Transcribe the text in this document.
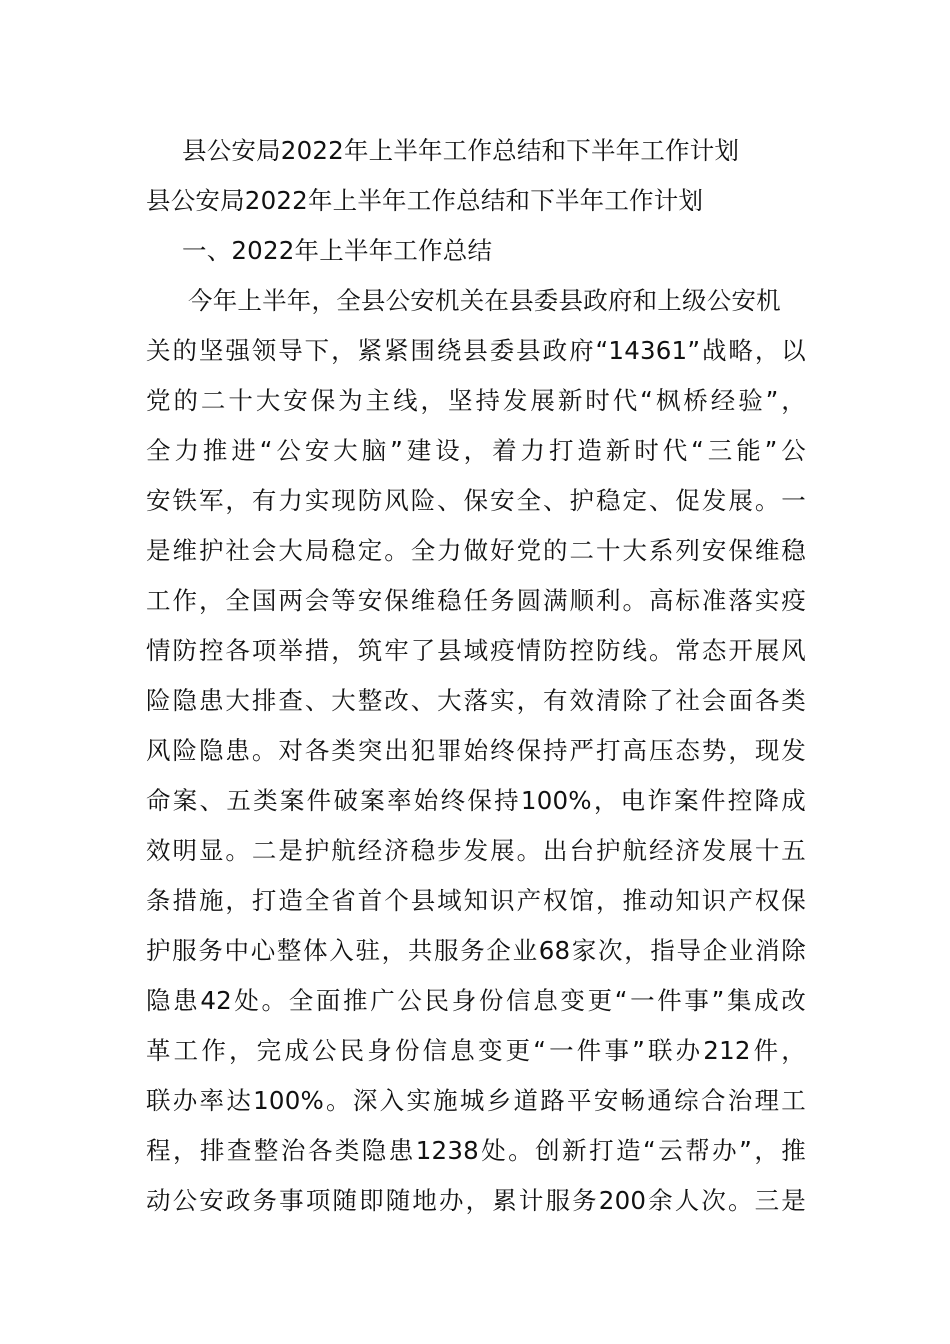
县公安局2022年上半年工作总结和下半年工作计划
县公安局2022年上半年工作总结和下半年工作计划
一、2022年上半年工作总结
今年上半年，全县公安机关在县委县政府和上级公安机
关的坚强领导下，紧紧围绕县委县政府“14361”战略，以
党的二十大安保为主线，坚持发展新时代“枫桥经验”，
全力推进“公安大脑”建设，着力打造新时代“三能”公
安铁军，有力实现防风险、保安全、护稳定、促发展。一
是维护社会大局稳定。全力做好党的二十大系列安保维稳
工作，全国两会等安保维稳任务圆满顺利。高标准落实疫
情防控各项举措，筑牢了县域疫情防控防线。常态开展风
险隐患大排查、大整改、大落实，有效清除了社会面各类
风险隐患。对各类突出犯罪始终保持严打高压态势，现发
命案、五类案件破案率始终保持100%，电诈案件控降成
效明显。二是护航经济稳步发展。出台护航经济发展十五
条措施，打造全省首个县域知识产权馆，推动知识产权保
护服务中心整体入驻，共服务企业68家次，指导企业消除
隐患42处。全面推广公民身份信息变更“一件事”集成改
革工作，完成公民身份信息变更“一件事”联办212件，
联办率达100%。深入实施城乡道路平安畅通综合治理工
程，排查整治各类隐患1238处。创新打造“云帮办”，推
动公安政务事项随即随地办，累计服务200余人次。三是
